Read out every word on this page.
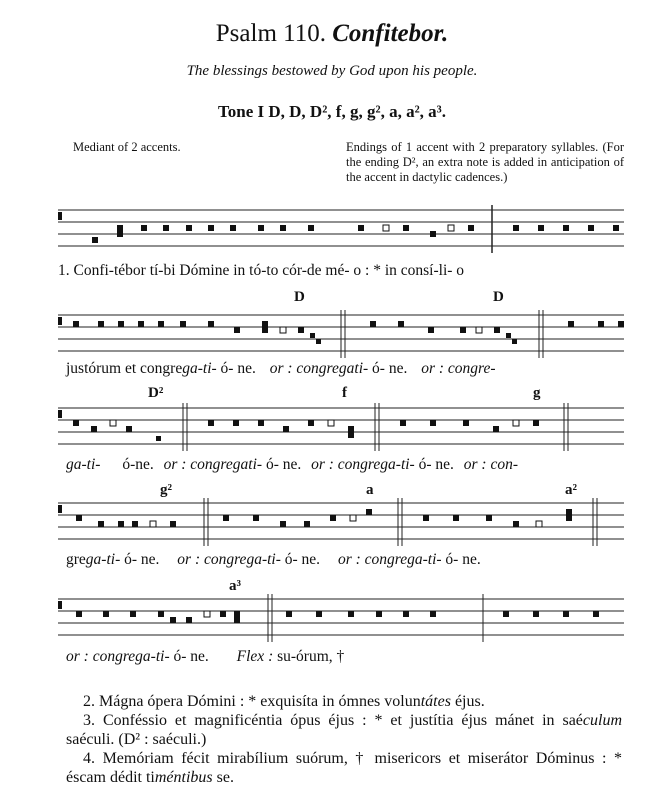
Psalm 110. Confitebor.
The blessings bestowed by God upon his people.
Tone I D, D, D², f, g, g², a, a², a³.
Mediant of 2 accents.	Endings of 1 accent with 2 preparatory syllables. (For the ending D², an extra note is added in anticipation of the accent in dactylic cadences.)
1. Confi-tébor tí-bi Dómine in tó-to cór-de mé- o : * in consí-li- o
D	D
justórum et congrega-ti- ó- ne. or : congregati- ó- ne. or : congre-
D²	f	g
ga-ti- ó-ne. or : congregati- ó- ne. or : congrega-ti- ó- ne. or : con-
g²	a	a²
grega-ti- ó- ne. or : congrega-ti- ó- ne. or : congrega-ti- ó- ne.
a³
or : congrega-ti- ó- ne. Flex : su-órum, †

2. Mágna ópera Dómini : * exquisíta in ómnes voluntátes éjus.

3. Conféssio et magnificéntia ópus éjus : * et justítia éjus mánet in saéculum saéculi. (D² : saéculi.)

4. Memóriam fécit mirabílium suórum, † misericors et miserátor Dóminus : * éscam dédit timéntibus se.
